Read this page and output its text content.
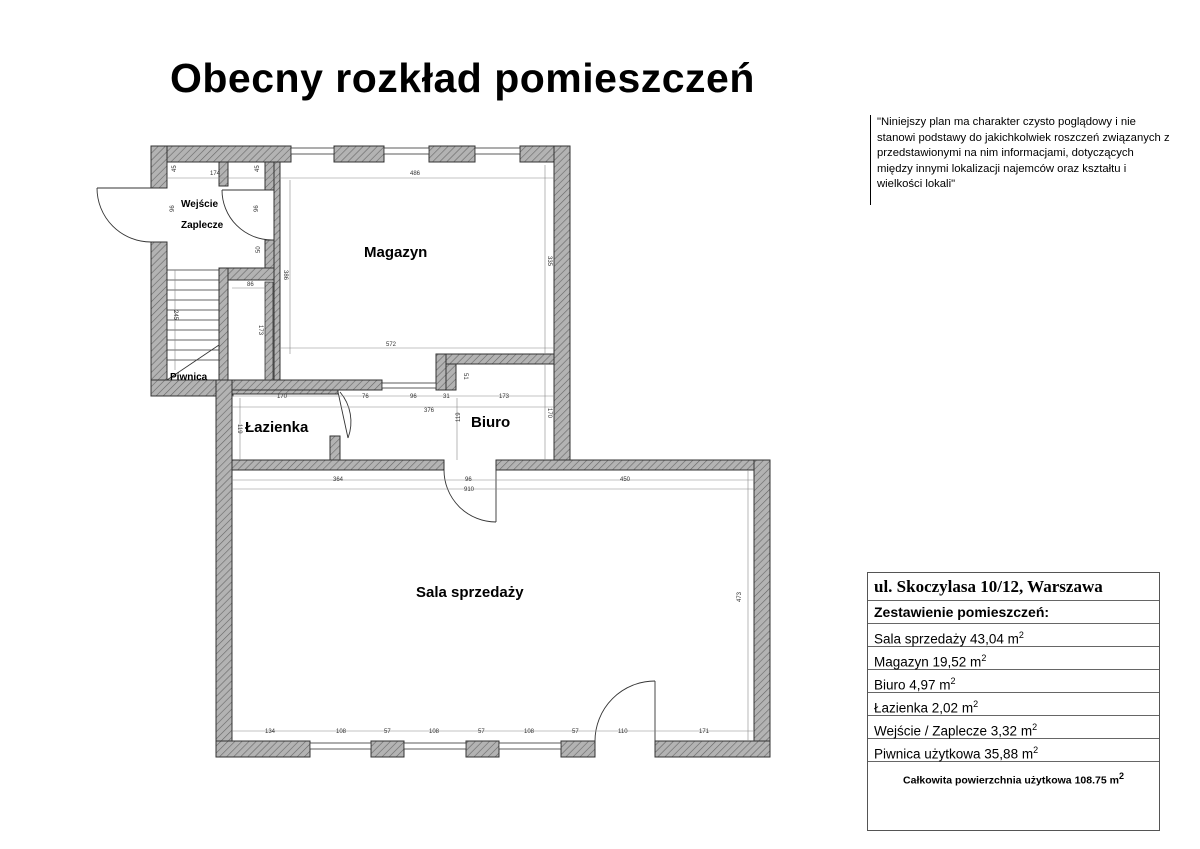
Obecny rozkład pomieszczeń
"Niniejszy plan ma charakter czysto poglądowy i nie stanowi podstawy do jakichkolwiek roszczeń związanych z przedstawionymi na nim informacjami, dotyczących między innymi lokalizacji najemców oraz kształtu i wielkości lokali"
45
174
45
486
96	96
50
335
386
86
245
173
572
51
170	76	96	31	173
376	170
119
119
364	96
910
450
473
134	108	57	108	57	108	57	110	171
Wejście
Zaplecze
Magazyn
Piwnica
Łazienka	Biuro
Sala sprzedaży	ul. Skoczylasa 10/12, Warszawa
Zestawienie pomieszczeń:
Sala sprzedaży 43,04 $m^2$
Magazyn 19,52 $m^2$
Biuro 4,97 $m^2$
Łazienka 2,02 $m^2$
Wejście / Zaplecze 3,32 $m^2$
Piwnica użytkowa 35,88 $m^2$
Całkowita powierzchnia użytkowa 108.75 $m^2$
